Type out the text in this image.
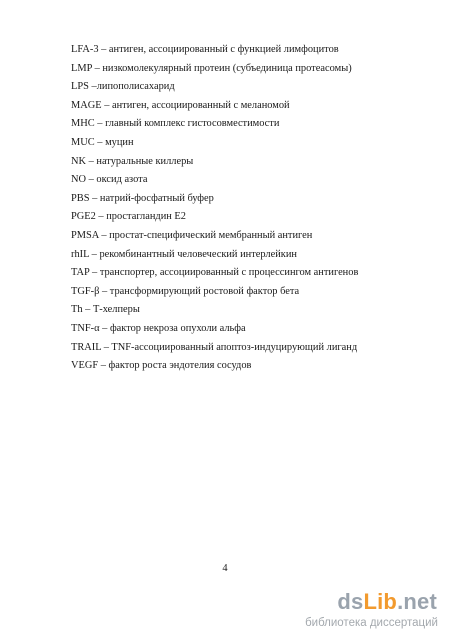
LFA-3 – антиген, ассоциированный с функцией лимфоцитов
LMP – низкомолекулярный протеин (субъединица протеасомы)
LPS –липополисахарид
MAGE – антиген, ассоциированный с меланомой
MHC – главный комплекс гистосовместимости
MUC – муцин
NK – натуральные киллеры
NO – оксид азота
PBS – натрий-фосфатный буфер
PGE2 – простагландин Е2
PMSA – простат-специфический мембранный антиген
rhIL – рекомбинантный человеческий интерлейкин
TAP – транспортер, ассоциированный с процессингом антигенов
TGF-β – трансформирующий ростовой фактор бета
Th – Т-хелперы
TNF-α – фактор некроза опухоли альфа
TRAIL – TNF-ассоциированный апоптоз-индуцирующий лиганд
VEGF – фактор роста эндотелия сосудов
4
dsLib.net
библиотека диссертаций
